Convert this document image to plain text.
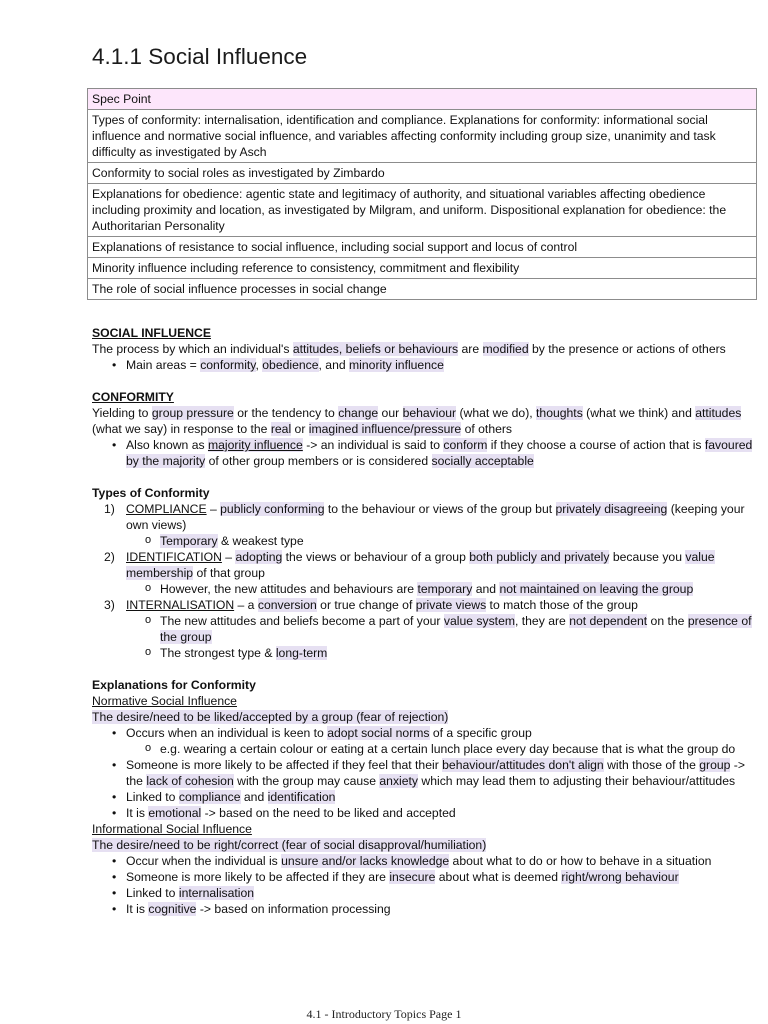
4.1.1 Social Influence
Spec Point
Types of conformity: internalisation, identification and compliance. Explanations for conformity: informational social influence and normative social influence, and variables affecting conformity including group size, unanimity and task difficulty as investigated by Asch
Conformity to social roles as investigated by Zimbardo
Explanations for obedience: agentic state and legitimacy of authority, and situational variables affecting obedience including proximity and location, as investigated by Milgram, and uniform. Dispositional explanation for obedience: the Authoritarian Personality
Explanations of resistance to social influence, including social support and locus of control
Minority influence including reference to consistency, commitment and flexibility
The role of social influence processes in social change

SOCIAL INFLUENCE

The process by which an individual's attitudes, beliefs or behaviours are modified by the presence or actions of others

• Main areas = conformity, obedience, and minority influence

CONFORMITY

Yielding to group pressure or the tendency to change our behaviour (what we do), thoughts (what we think) and attitudes (what we say) in response to the real or imagined influence/pressure of others

• Also known as majority influence -> an individual is said to conform if they choose a course of action that is favoured by the majority of other group members or is considered socially acceptable

Types of Conformity

1) COMPLIANCE – publicly conforming to the behaviour or views of the group but privately disagreeing (keeping your own views)
o Temporary & weakest type
2) IDENTIFICATION – adopting the views or behaviour of a group both publicly and privately because you value membership of that group
o However, the new attitudes and behaviours are temporary and not maintained on leaving the group
3) INTERNALISATION – a conversion or true change of private views to match those of the group
o The new attitudes and beliefs become a part of your value system, they are not dependent on the presence of the group
o The strongest type & long-term

Explanations for Conformity

Normative Social Influence

The desire/need to be liked/accepted by a group (fear of rejection)

• Occurs when an individual is keen to adopt social norms of a specific group
o e.g. wearing a certain colour or eating at a certain lunch place every day because that is what the group do
• Someone is more likely to be affected if they feel that their behaviour/attitudes don't align with those of the group -> the lack of cohesion with the group may cause anxiety which may lead them to adjusting their behaviour/attitudes
• Linked to compliance and identification
• It is emotional -> based on the need to be liked and accepted

Informational Social Influence

The desire/need to be right/correct (fear of social disapproval/humiliation)

• Occur when the individual is unsure and/or lacks knowledge about what to do or how to behave in a situation
• Someone is more likely to be affected if they are insecure about what is deemed right/wrong behaviour
• Linked to internalisation
• It is cognitive -> based on information processing
4.1 - Introductory Topics Page 1
